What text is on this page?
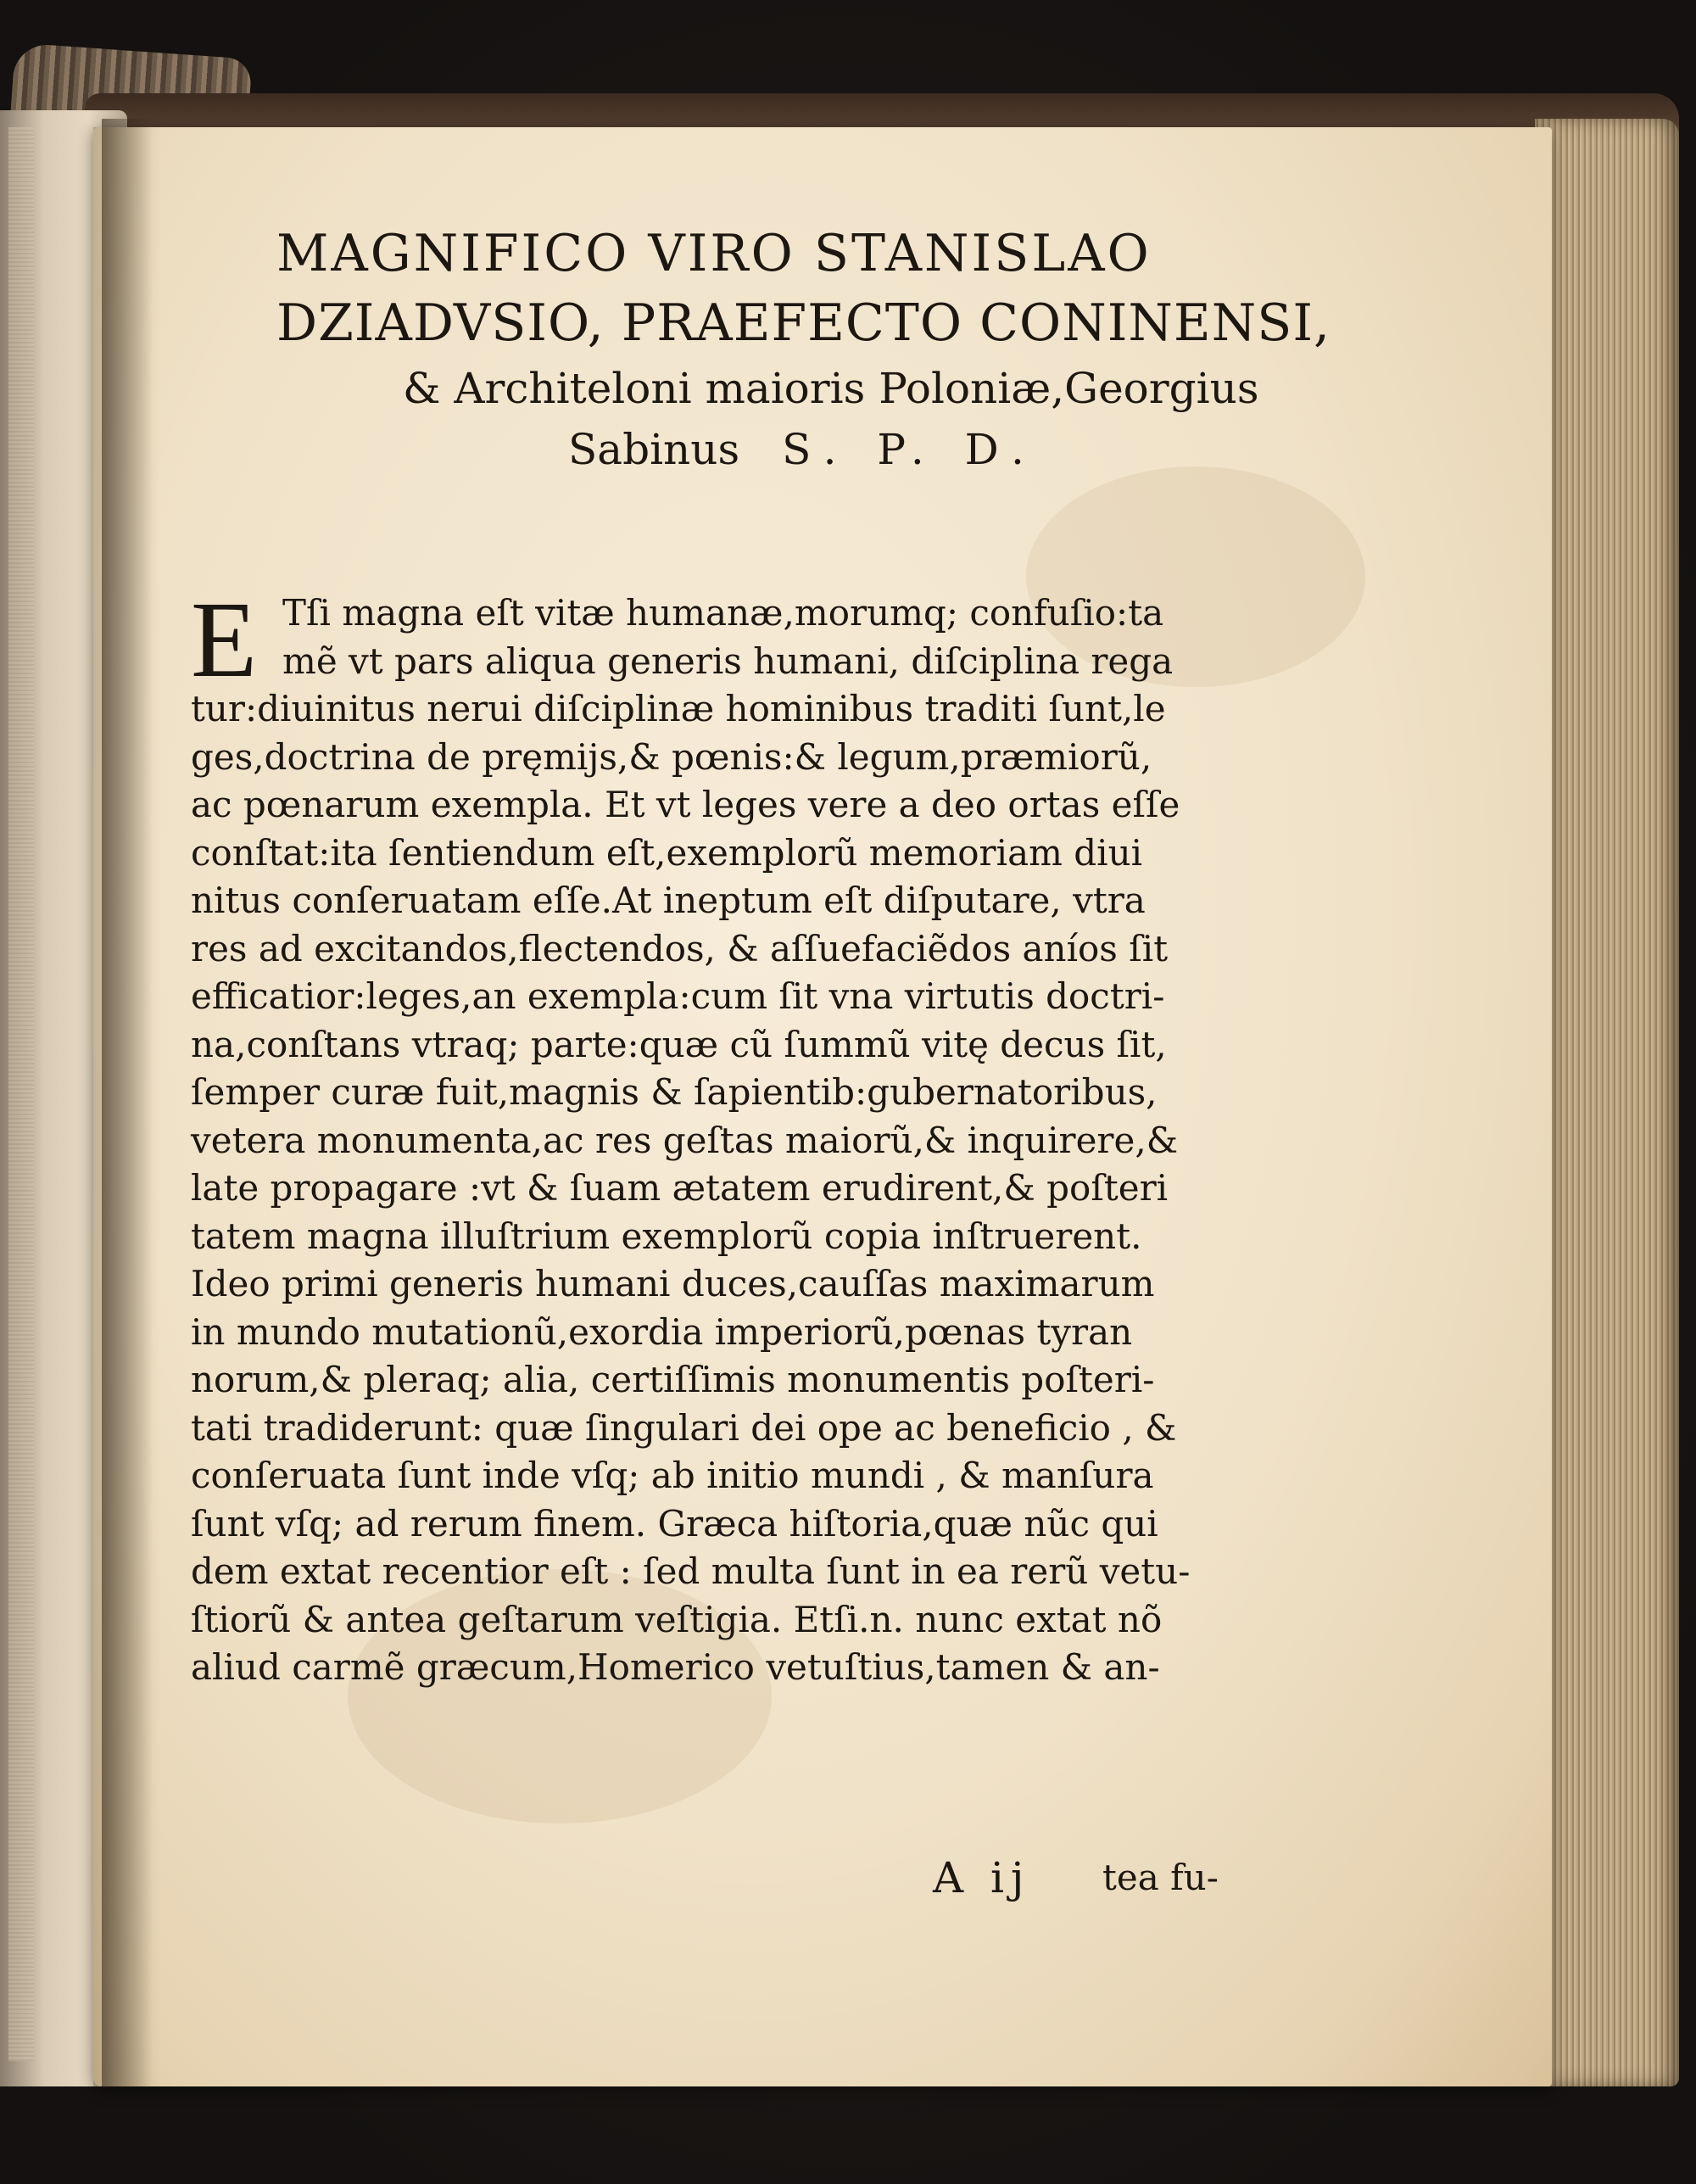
MAGNIFICO VIRO STANISLAO

DZIADVSIO, PRAEFECTO CONINENSI,

& Architeloni maioris Poloniæ,Georgius

Sabinus S. P. D.

E Tſi magna eſt vitæ humanæ,morumq; confuſio:ta
mẽ vt pars aliqua generis humani, diſciplina rega
tur:diuinitus nerui diſciplinæ hominibus traditi ſunt,le
ges,doctrina de pręmijs,& pœnis:& legum,præmiorũ,
ac pœnarum exempla. Et vt leges vere a deo ortas eſſe
conſtat:ita ſentiendum eſt,exemplorũ memoriam diui
nitus conſeruatam eſſe.At ineptum eſt diſputare, vtra
res ad excitandos,flectendos, & aſſuefaciẽdos aníos ſit
efficatior:leges,an exempla:cum ſit vna virtutis doctri-
na,conſtans vtraq; parte:quæ cũ ſummũ vitę decus ſit,
ſemper curæ fuit,magnis & ſapientib:gubernatoribus,
vetera monumenta,ac res geſtas maiorũ,& inquirere,&
late propagare :vt & ſuam ætatem erudirent,& poſteri
tatem magna illuſtrium exemplorũ copia inſtruerent.
Ideo primi generis humani duces,cauſſas maximarum
in mundo mutationũ,exordia imperiorũ,pœnas tyran
norum,& pleraq; alia, certiſſimis monumentis poſteri-
tati tradiderunt: quæ ſingulari dei ope ac beneficio , &
conſeruata ſunt inde vſq; ab initio mundi , & manſura
ſunt vſq; ad rerum finem. Græca hiſtoria,quæ nũc qui
dem extat recentior eſt : ſed multa ſunt in ea rerũ vetu-
ſtiorũ & antea geſtarum veſtigia. Etſi.n. nunc extat nõ
aliud carmẽ græcum,Homerico vetuſtius,tamen & an-
A ij tea fu-
